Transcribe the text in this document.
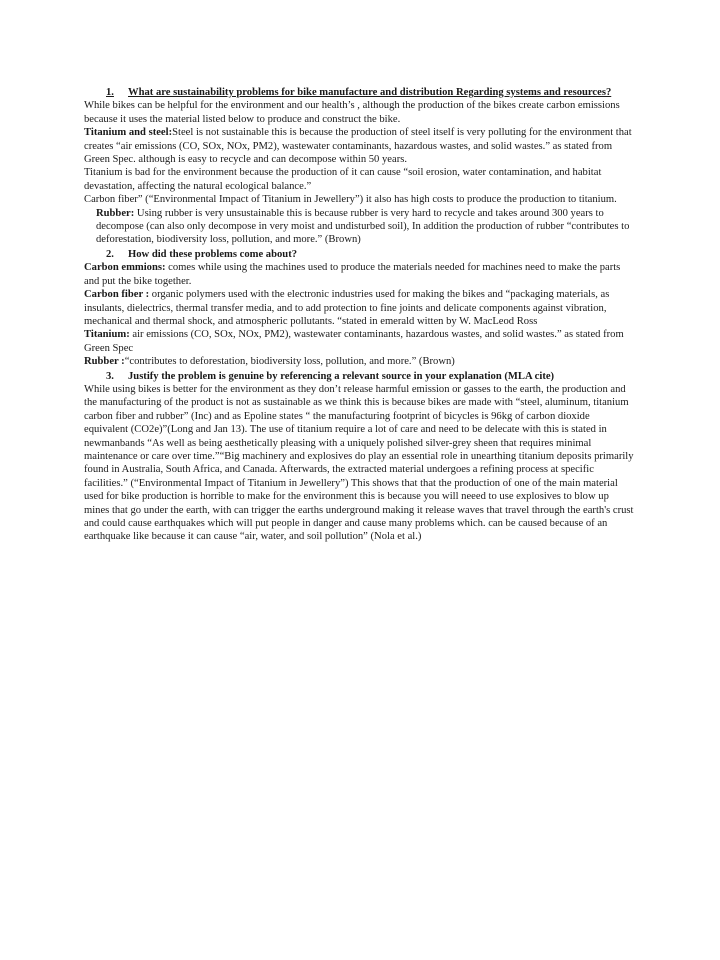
1.	What are sustainability problems for bike manufacture and distribution Regarding systems and resources?

While bikes can be helpful for the environment and our health’s , although the production of the bikes create carbon emissions because it uses the material listed below to produce and construct the bike.

Titanium and steel:Steel is not sustainable this is because the production of steel itself is very polluting for the environment that creates “air emissions (CO, SOx, NOx, PM2), wastewater contaminants, hazardous wastes, and solid wastes.” as stated from Green Spec. although is easy to recycle and can decompose within 50 years.

Titanium is bad for the environment because the production of it can cause “soil erosion, water contamination, and habitat devastation, affecting the natural ecological balance.”

Carbon fiber” (“Environmental Impact of Titanium in Jewellery”) it also has high costs to produce the production to titanium.

Rubber: Using rubber is very unsustainable this is because rubber is very hard to recycle and takes around 300 years to decompose (can also only decompose in very moist and undisturbed soil), In addition the production of rubber “contributes to deforestation, biodiversity loss, pollution, and more.” (Brown)

2.	How did these problems come about?

Carbon emmions: comes while using the machines used to produce the materials needed for machines need to make the parts and put the bike together.

Carbon fiber : organic polymers used with the electronic industries used for making the bikes and “packaging materials, as insulants, dielectrics, thermal transfer media, and to add protection to fine joints and delicate components against vibration, mechanical and thermal shock, and atmospheric pollutants. “stated in emerald witten by W. MacLeod Ross

Titanium: air emissions (CO, SOx, NOx, PM2), wastewater contaminants, hazardous wastes, and solid wastes.” as stated from Green Spec

Rubber :“contributes to deforestation, biodiversity loss, pollution, and more.” (Brown)

3.	Justify the problem is genuine by referencing a relevant source in your explanation (MLA cite)

While using bikes is better for the environment as they don’t release harmful emission or gasses to the earth, the production and the manufacturing of the product is not as sustainable as we think this is because bikes are made with “steel, aluminum, titanium carbon fiber and rubber” (Inc) and as Epoline states “ the manufacturing footprint of bicycles is 96kg of carbon dioxide equivalent (CO2e)”(Long and Jan 13). The use of titanium require a lot of care and need to be delecate with this is stated in newmanbands “As well as being aesthetically pleasing with a uniquely polished silver-grey sheen that requires minimal maintenance or care over time.”“Big machinery and explosives do play an essential role in unearthing titanium deposits primarily found in Australia, South Africa, and Canada. Afterwards, the extracted material undergoes a refining process at specific facilities.” (“Environmental Impact of Titanium in Jewellery”) This shows that that the production of one of the main material used for bike production is horrible to make for the environment this is because you will neeed to use explosives to blow up mines that go under the earth, with can trigger the earths underground making it release waves that travel through the earth's crust and could cause earthquakes which will put people in danger and cause many problems which. can be caused because of an earthquake like because it can cause “air, water, and soil pollution” (Nola et al.)
